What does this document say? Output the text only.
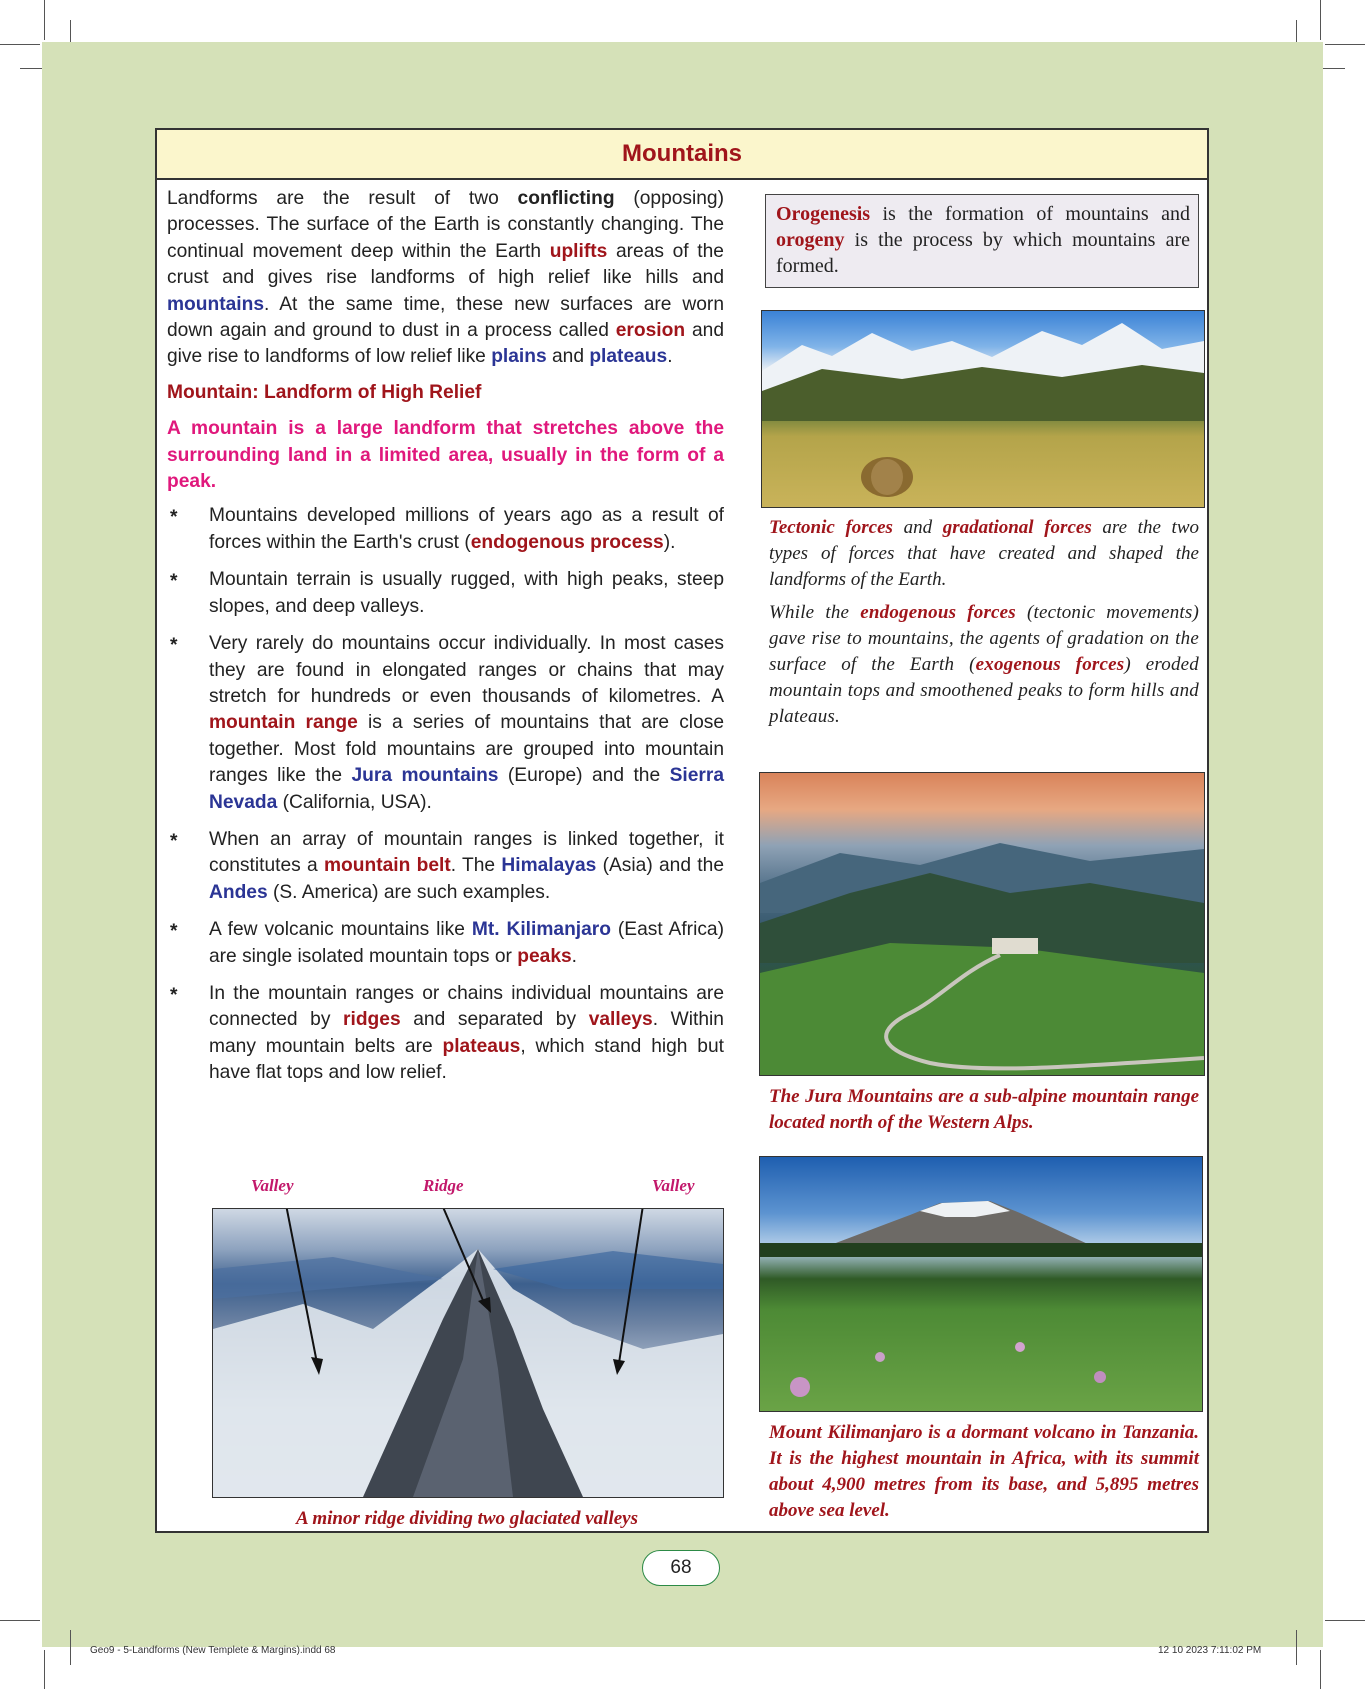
Mountains

Landforms are the result of two conflicting (opposing) processes. The surface of the Earth is constantly changing. The continual movement deep within the Earth uplifts areas of the crust and gives rise landforms of high relief like hills and mountains. At the same time, these new surfaces are worn down again and ground to dust in a process called erosion and give rise to landforms of low relief like plains and plateaus.

Mountain: Landform of High Relief

A mountain is a large landform that stretches above the surrounding land in a limited area, usually in the form of a peak.

* Mountains developed millions of years ago as a result of forces within the Earth's crust (endogenous process).
* Mountain terrain is usually rugged, with high peaks, steep slopes, and deep valleys.
* Very rarely do mountains occur individually. In most cases they are found in elongated ranges or chains that may stretch for hundreds or even thousands of kilometres. A mountain range is a series of mountains that are close together. Most fold mountains are grouped into mountain ranges like the Jura mountains (Europe) and the Sierra Nevada (California, USA).
* When an array of mountain ranges is linked together, it constitutes a mountain belt. The Himalayas (Asia) and the Andes (S. America) are such examples.
* A few volcanic mountains like Mt. Kilimanjaro (East Africa) are single isolated mountain tops or peaks.
* In the mountain ranges or chains individual mountains are connected by ridges and separated by valleys. Within many mountain belts are plateaus, which stand high but have flat tops and low relief.
Valley	Ridge	Valley
A minor ridge dividing two glaciated valleys
Orogenesis is the formation of mountains and orogeny is the process by which mountains are formed.
Tectonic forces and gradational forces are the two types of forces that have created and shaped the landforms of the Earth.
While the endogenous forces (tectonic movements) gave rise to mountains, the agents of gradation on the surface of the Earth (exogenous forces) eroded mountain tops and smoothened peaks to form hills and plateaus.
The Jura Mountains are a sub-alpine mountain range located north of the Western Alps.
Mount Kilimanjaro is a dormant volcano in Tanzania. It is the highest mountain in Africa, with its summit about 4,900 metres from its base, and 5,895 metres above sea level.
68
Geo9 - 5-Landforms (New Templete & Margins).indd 68	12 10 2023 7:11:02 PM
